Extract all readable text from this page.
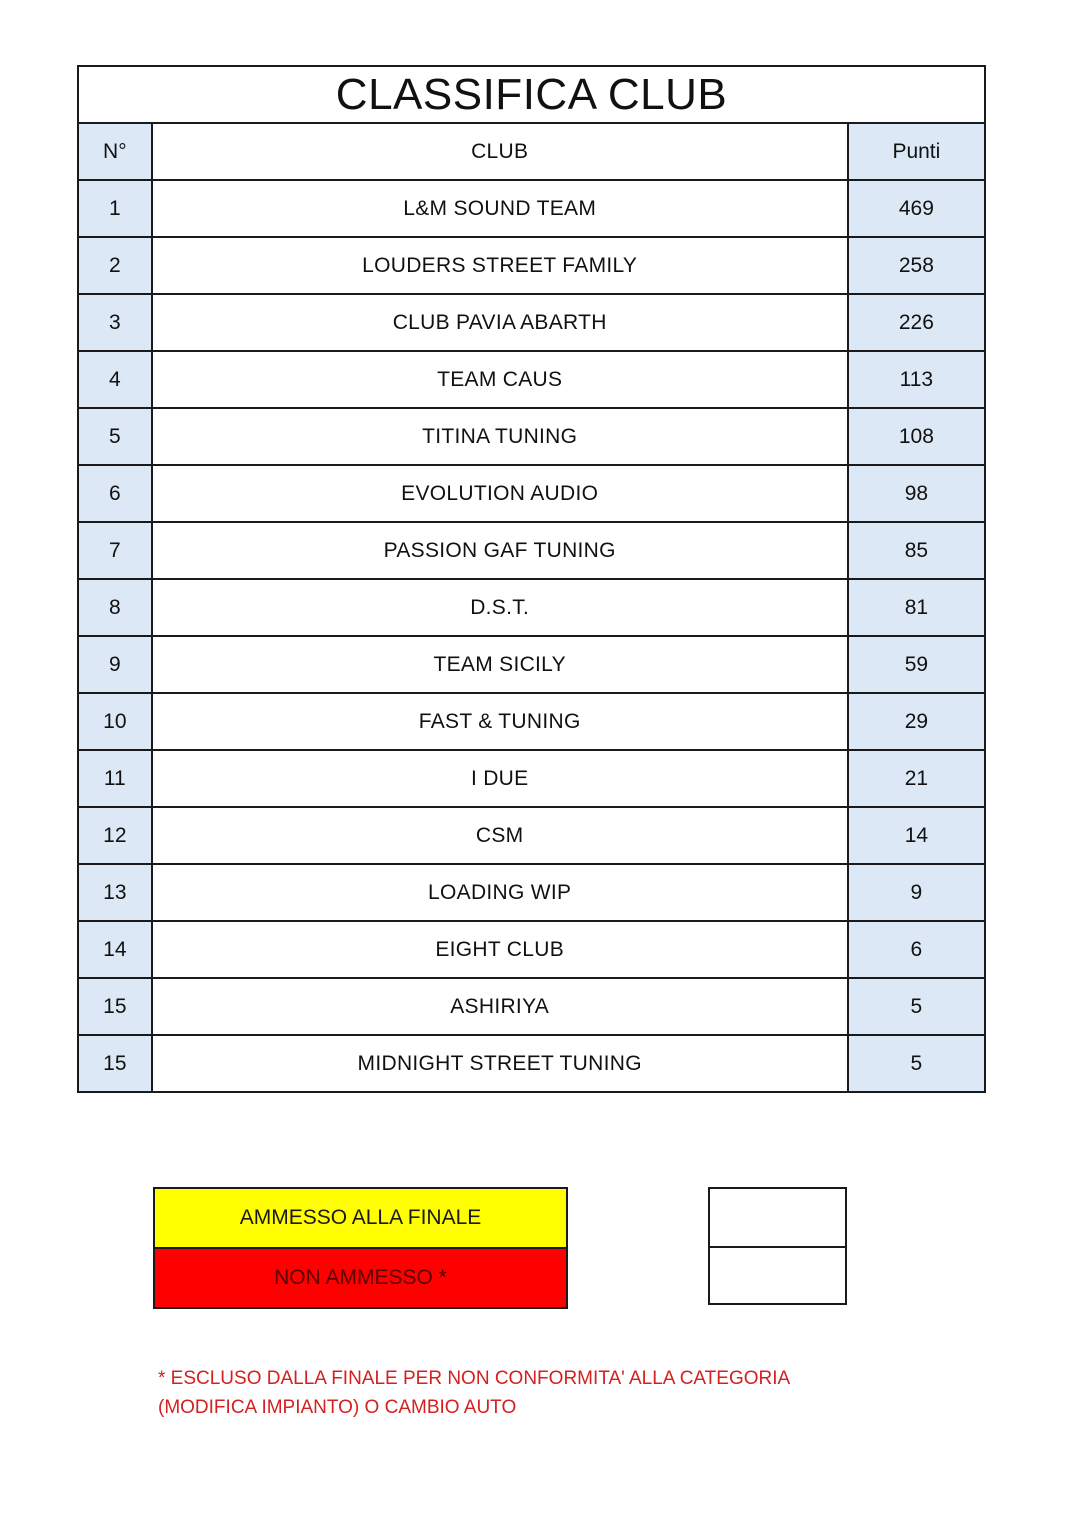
CLASSIFICA CLUB		
N°	CLUB	Punti
1	L&M SOUND TEAM	469
2	LOUDERS STREET FAMILY	258
3	CLUB PAVIA ABARTH	226
4	TEAM CAUS	113
5	TITINA TUNING	108
6	EVOLUTION AUDIO	98
7	PASSION GAF TUNING	85
8	D.S.T.	81
9	TEAM SICILY	59
10	FAST & TUNING	29
11	I DUE	21
12	CSM	14
13	LOADING WIP	9
14	EIGHT CLUB	6
15	ASHIRIYA	5
15	MIDNIGHT STREET TUNING	5
AMMESSO ALLA FINALE
NON AMMESSO *
* ESCLUSO DALLA FINALE PER NON CONFORMITA' ALLA CATEGORIA
(MODIFICA IMPIANTO) O CAMBIO AUTO
